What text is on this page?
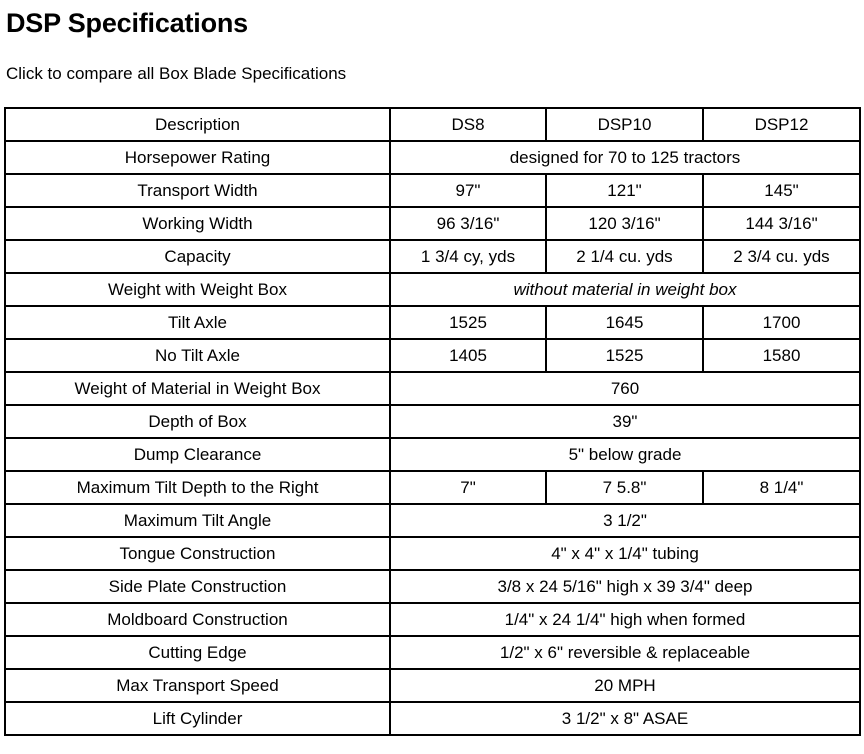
DSP Specifications
Click to compare all Box Blade Specifications
Description	DS8	DSP10	DSP12
Horsepower Rating	designed for 70 to 125 tractors		
Transport Width	97"	121"	145"
Working Width	96 3/16"	120 3/16"	144 3/16"
Capacity	1 3/4 cy, yds	2 1/4 cu. yds	2 3/4 cu. yds
Weight with Weight Box	without material in weight box		
Tilt Axle	1525	1645	1700
No Tilt Axle	1405	1525	1580
Weight of Material in Weight Box	760		
Depth of Box	39"		
Dump Clearance	5" below grade		
Maximum Tilt Depth to the Right	7"	7 5.8"	8 1/4"
Maximum Tilt Angle	3 1/2"		
Tongue Construction	4" x 4" x 1/4" tubing		
Side Plate Construction	3/8 x 24 5/16" high x 39 3/4" deep		
Moldboard Construction	1/4" x 24 1/4" high when formed		
Cutting Edge	1/2" x 6" reversible & replaceable		
Max Transport Speed	20 MPH		
Lift Cylinder	3 1/2" x 8" ASAE		
